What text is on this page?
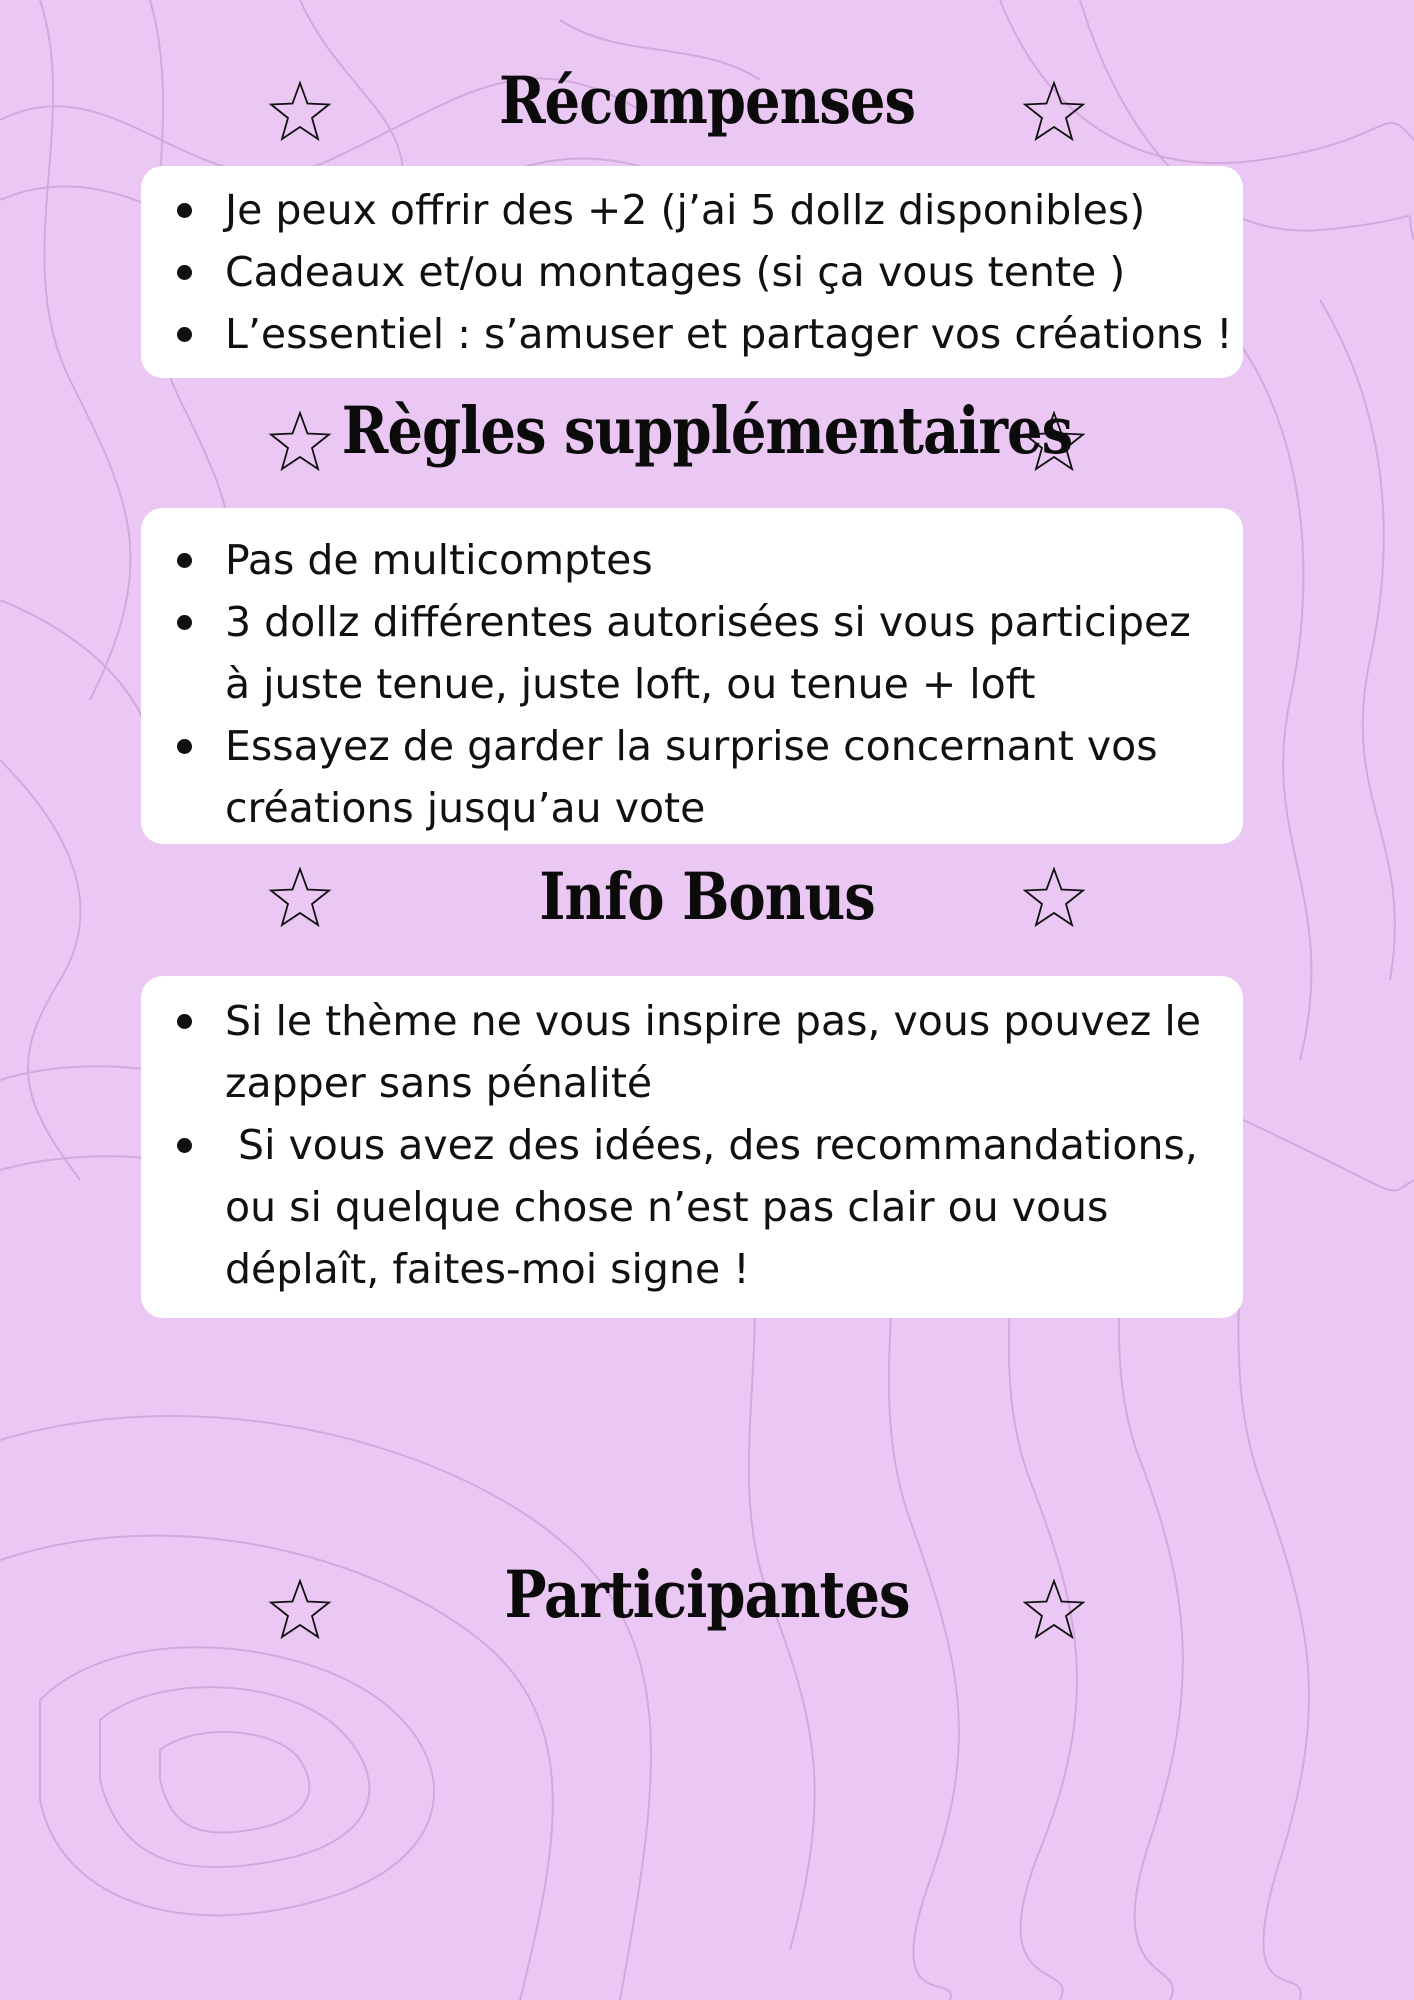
Récompenses
Je peux offrir des +2 (j’ai 5 dollz disponibles)
Cadeaux et/ou montages (si ça vous tente )
L’essentiel : s’amuser et partager vos créations !
Règles supplémentaires
Pas de multicomptes
3 dollz différentes autorisées si vous participez à juste tenue, juste loft, ou tenue + loft
Essayez de garder la surprise concernant vos créations jusqu’au vote
Info Bonus
Si le thème ne vous inspire pas, vous pouvez le zapper sans pénalité
Si vous avez des idées, des recommandations, ou si quelque chose n’est pas clair ou vous déplaît, faites-moi signe !
Participantes
